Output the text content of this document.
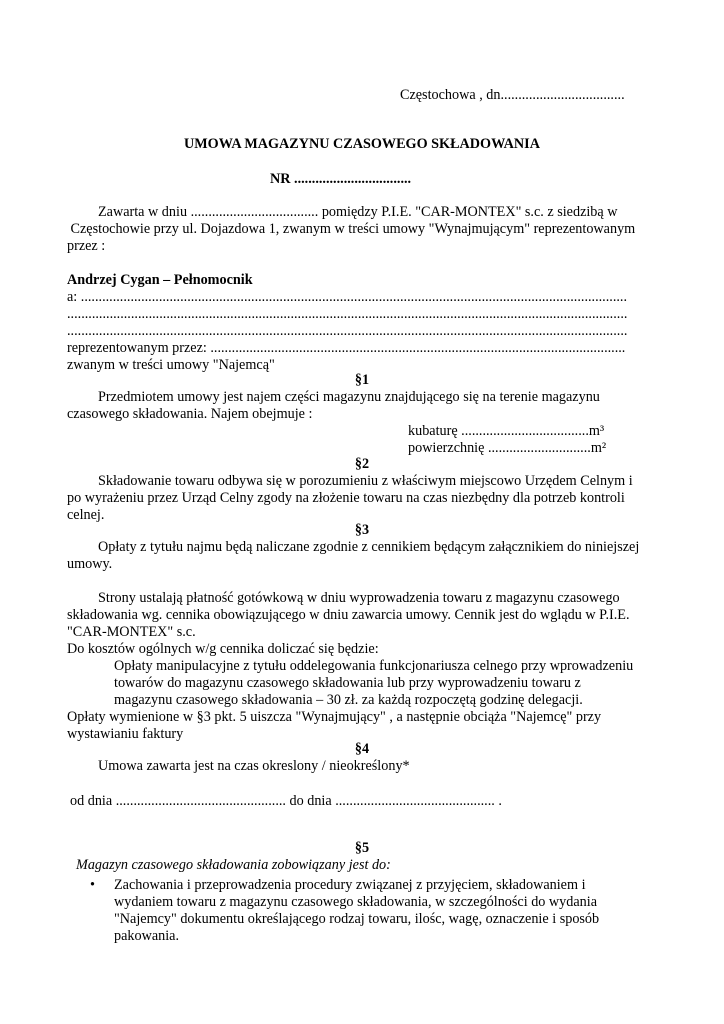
Częstochowa , dn...................................
UMOWA MAGAZYNU CZASOWEGO SKŁADOWANIA
NR .................................
Zawarta w dniu .................................... pomiędzy P.I.E. "CAR-MONTEX" s.c. z siedzibą w
Częstochowie przy ul. Dojazdowa 1, zwanym w treści umowy "Wynajmującym" reprezentowanym
przez :
Andrzej Cygan – Pełnomocnik
a: ..........................................................................................................................................................
..............................................................................................................................................................
..............................................................................................................................................................
reprezentowanym przez: .....................................................................................................................
zwanym w treści umowy "Najemcą"
§1
Przedmiotem umowy jest najem części magazynu znajdującego się na terenie magazynu
czasowego składowania. Najem obejmuje :
kubaturę ....................................m³
powierzchnię .............................m²
§2
Składowanie towaru odbywa się w porozumieniu z właściwym miejscowo Urzędem Celnym i
po wyrażeniu przez Urząd Celny zgody na złożenie towaru na czas niezbędny dla potrzeb kontroli
celnej.
§3
Opłaty z tytułu najmu będą naliczane zgodnie z cennikiem będącym załącznikiem do niniejszej
umowy.
Strony ustalają płatność gotówkową w dniu wyprowadzenia towaru z magazynu czasowego
składowania wg. cennika obowiązującego w dniu zawarcia umowy. Cennik jest do wglądu w P.I.E.
"CAR-MONTEX" s.c.
Do kosztów ogólnych w/g cennika doliczać się będzie:
Opłaty manipulacyjne z tytułu oddelegowania funkcjonariusza celnego przy wprowadzeniu
towarów do magazynu czasowego składowania lub przy wyprowadzeniu towaru z
magazynu czasowego składowania – 30 zł. za każdą rozpoczętą godzinę delegacji.
Opłaty wymienione w §3 pkt. 5 uiszcza "Wynajmujący" , a następnie obciąża "Najemcę" przy
wystawianiu faktury
§4
Umowa zawarta jest na czas okreslony / nieokreślony*
od dnia ................................................ do dnia ............................................. .
§5
Magazyn czasowego składowania zobowiązany jest do:
• Zachowania i przeprowadzenia procedury związanej z przyjęciem, składowaniem i
wydaniem towaru z magazynu czasowego składowania, w szczególności do wydania
"Najemcy" dokumentu określającego rodzaj towaru, ilośc, wagę, oznaczenie i sposób
pakowania.
